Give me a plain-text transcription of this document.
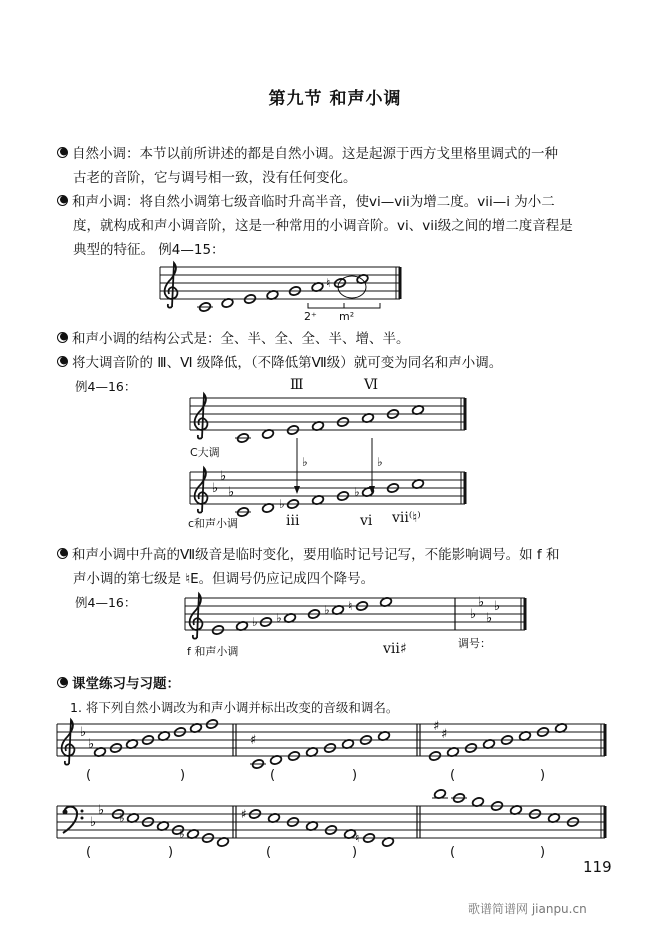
第九节 和声小调
自然小调：本节以前所讲述的都是自然小调。这是起源于西方戈里格里调式的一种
古老的音阶，它与调号相一致，没有任何变化。
和声小调：将自然小调第七级音临时升高半音，使vi—vii为增二度。vii—i 为小二
度，就构成和声小调音阶，这是一种常用的小调音阶。vi、vii级之间的增二度音程是
典型的特征。 例4—15：
2⁺ m²
和声小调的结构公式是：全、半、全、全、半、增、半。
将大调音阶的 Ⅲ、Ⅵ 级降低，（不降低第Ⅶ级）就可变为同名和声小调。
例4—16：	Ⅲ	Ⅵ
C大调
c和声小调	iii	vi vii⁽♮⁾
和声小调中升高的Ⅶ级音是临时变化，要用临时记号记写，不能影响调号。如 f 和
声小调的第七级是 ♮E。但调号仍应记成四个降号。
例4—16：
f 和声小调	vii♯	调号：
课堂练习与习题：
1. 将下列自然小调改为和声小调并标出改变的音级和调名。
(	)	(	)	(	)
(	)	(	)	(	)
♮
♭
♭
♭
♭
♭
♭	♭
♭
♭
♭
♭
♭ ♭
♭ ♮
♭
♭	♯
♯
♯
♭
♭ ♭
♭
♯
♮
119
歌谱简谱网 jianpu.cn
